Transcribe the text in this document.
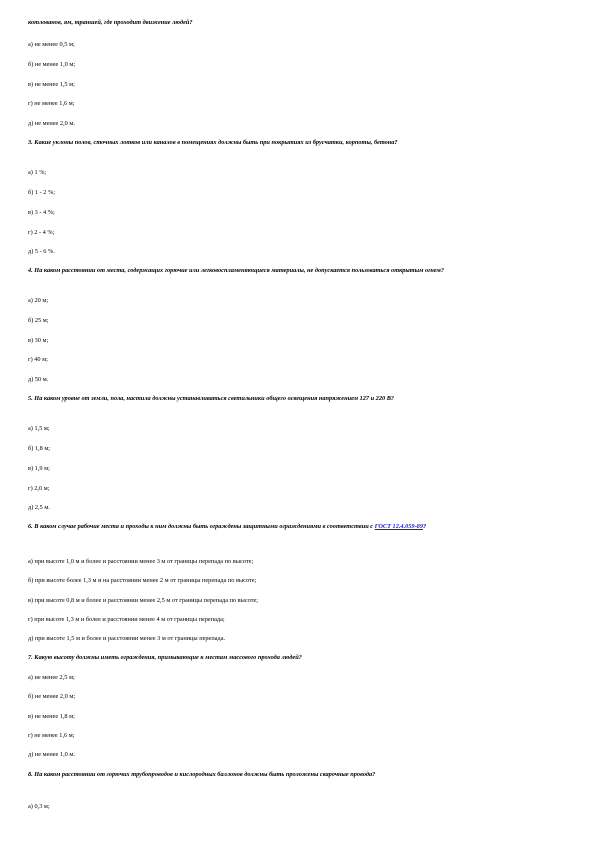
котлованов, ям, траншей, где проходит движение людей?
а) не менее 0,5 м;
б) не менее 1,0 м;
в) не менее 1,5 м;
г) не менее 1,6 м;
д) не менее 2,0 м.
3. Какие уклоны полов, сточных лотков или каналов в помещениях должны быть при покрытиях из брусчатки, корпоты, бетона?
а) 1 %;
б) 1 - 2 %;
в) 3 - 4 %;
г) 2 - 4 %;
д) 5 - 6 %.
4. На каком расстоянии от места, содержащих горючие или легковоспламеняющиеся материалы, не допускается пользоваться открытым огнем?
а) 20 м;
б) 25 м;
в) 30 м;
г) 40 м;
д) 50 м.
5. На каком уровне от земли, пола, настила должны устанавливаться светильники общего освещения напряжением 127 и 220 В?
а) 1,5 м;
б) 1,8 м;
в) 1,9 м;
г) 2,0 м;
д) 2,5 м.
6. В каком случае рабочие места и проходы к ним должны быть ограждены защитными ограждениями в соответствии с ГОСТ 12.4.059-89?
а) при высоте 1,0 м и более и расстоянии менее 3 м от границы перепада по высоте;
б) при высоте более 1,3 м и на расстоянии менее 2 м от границы перепада по высоте;
в) при высоте 0,8 м и более и расстоянии менее 2,5 м от границы перепада по высоте;
г) при высоте 1,3 м и более и расстоянии менее 4 м от границы перепада;
д) при высоте 1,5 м и более и расстоянии менее 3 м от границы перепада.
7. Какую высоту должны иметь ограждения, примыкающие к местам массового прохода людей?
а) не менее 2,5 м;
б) не менее 2,0 м;
в) не менее 1,8 м;
г) не менее 1,6 м;
д) не менее 1,0 м.
8. На каком расстоянии от горючих трубопроводов и кислородных баллонов должны быть проложены сварочные провода?
а) 0,3 м;
